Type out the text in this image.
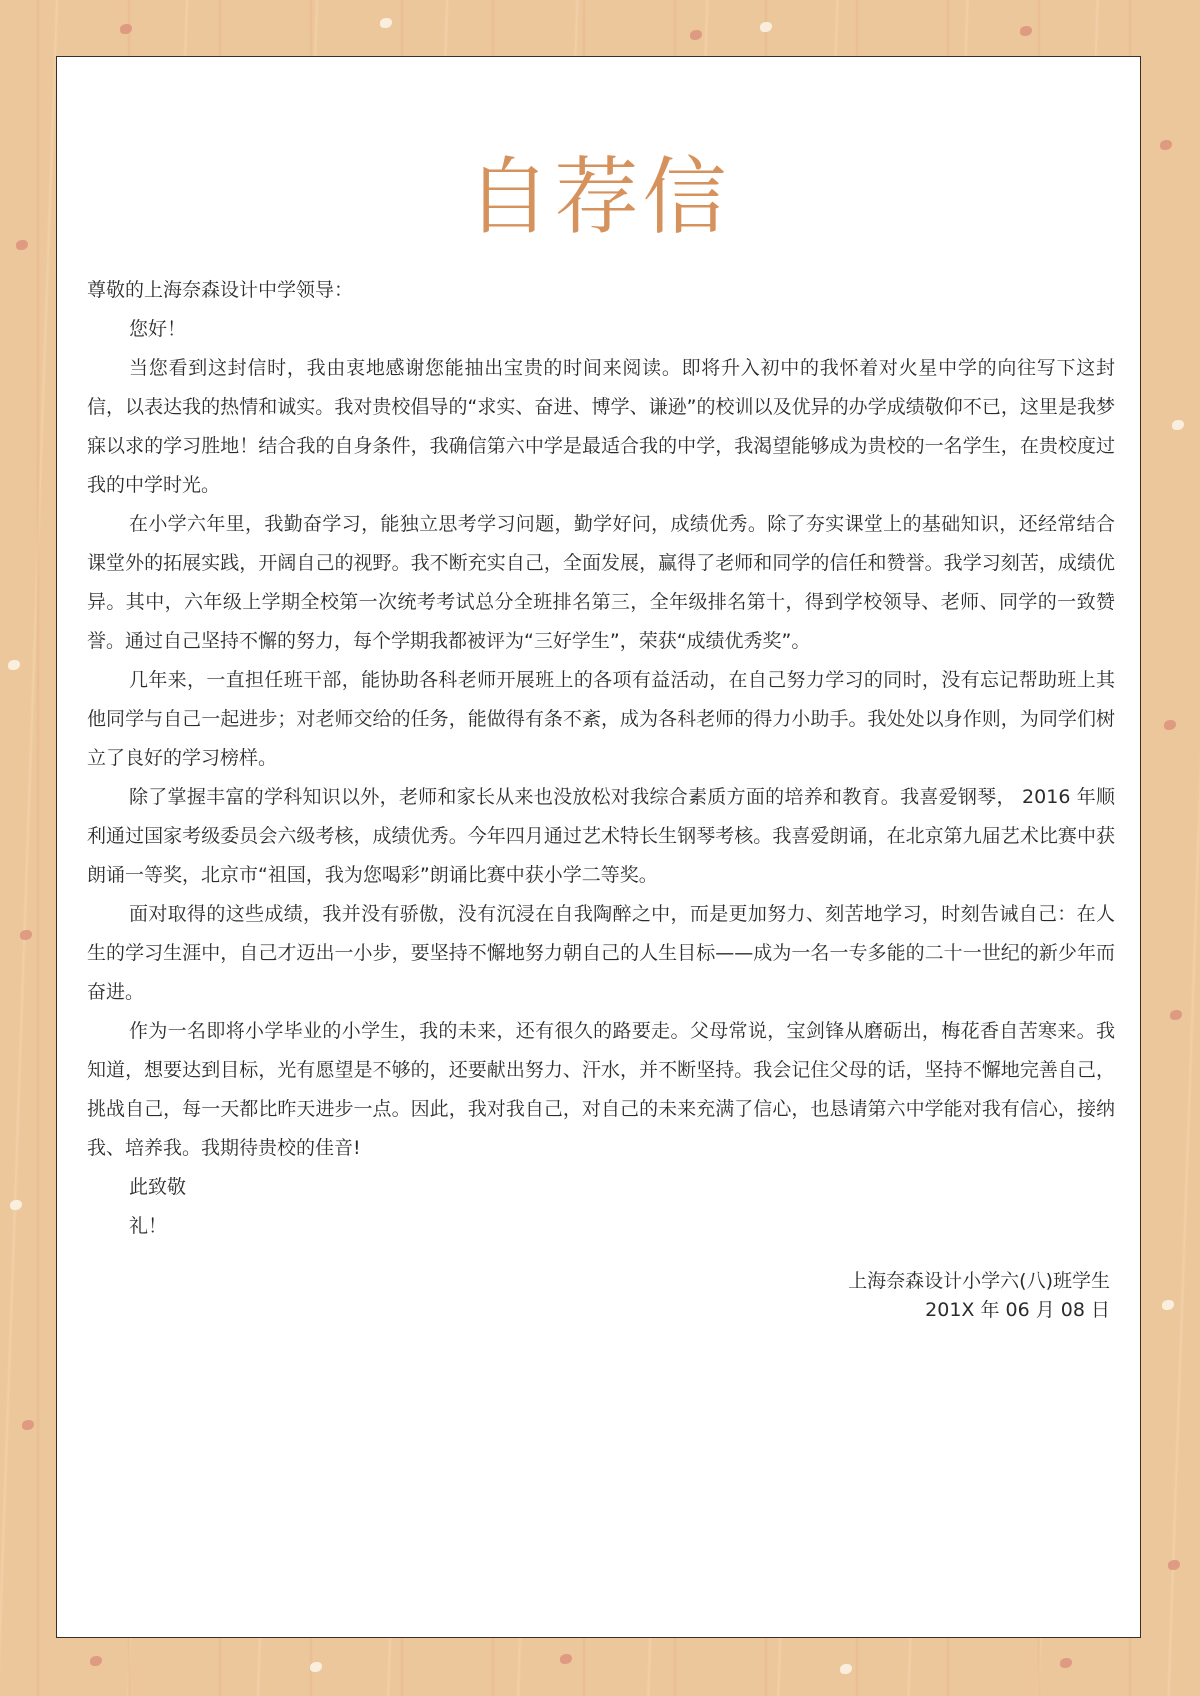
自荐信

尊敬的上海奈森设计中学领导：

您好！

当您看到这封信时，我由衷地感谢您能抽出宝贵的时间来阅读。即将升入初中的我怀着对火星中学的向往写下这封信，以表达我的热情和诚实。我对贵校倡导的“求实、奋进、博学、谦逊”的校训以及优异的办学成绩敬仰不已，这里是我梦寐以求的学习胜地！结合我的自身条件，我确信第六中学是最适合我的中学，我渴望能够成为贵校的一名学生，在贵校度过我的中学时光。

在小学六年里，我勤奋学习，能独立思考学习问题，勤学好问，成绩优秀。除了夯实课堂上的基础知识，还经常结合课堂外的拓展实践，开阔自己的视野。我不断充实自己，全面发展，赢得了老师和同学的信任和赞誉。我学习刻苦，成绩优异。其中，六年级上学期全校第一次统考考试总分全班排名第三，全年级排名第十，得到学校领导、老师、同学的一致赞誉。通过自己坚持不懈的努力，每个学期我都被评为“三好学生”，荣获“成绩优秀奖”。

几年来，一直担任班干部，能协助各科老师开展班上的各项有益活动，在自己努力学习的同时，没有忘记帮助班上其他同学与自己一起进步；对老师交给的任务，能做得有条不紊，成为各科老师的得力小助手。我处处以身作则，为同学们树立了良好的学习榜样。

除了掌握丰富的学科知识以外，老师和家长从来也没放松对我综合素质方面的培养和教育。我喜爱钢琴， 2016 年顺利通过国家考级委员会六级考核，成绩优秀。今年四月通过艺术特长生钢琴考核。我喜爱朗诵，在北京第九届艺术比赛中获朗诵一等奖，北京市“祖国，我为您喝彩”朗诵比赛中获小学二等奖。

面对取得的这些成绩，我并没有骄傲，没有沉浸在自我陶醉之中，而是更加努力、刻苦地学习，时刻告诫自己：在人生的学习生涯中，自己才迈出一小步，要坚持不懈地努力朝自己的人生目标——成为一名一专多能的二十一世纪的新少年而奋进。

作为一名即将小学毕业的小学生，我的未来，还有很久的路要走。父母常说，宝剑锋从磨砺出，梅花香自苦寒来。我知道，想要达到目标，光有愿望是不够的，还要献出努力、汗水，并不断坚持。我会记住父母的话，坚持不懈地完善自己，挑战自己，每一天都比昨天进步一点。因此，我对我自己，对自己的未来充满了信心，也恳请第六中学能对我有信心，接纳我、培养我。我期待贵校的佳音!

此致敬

礼！

上海奈森设计小学六(八)班学生

201X 年 06 月 08 日
